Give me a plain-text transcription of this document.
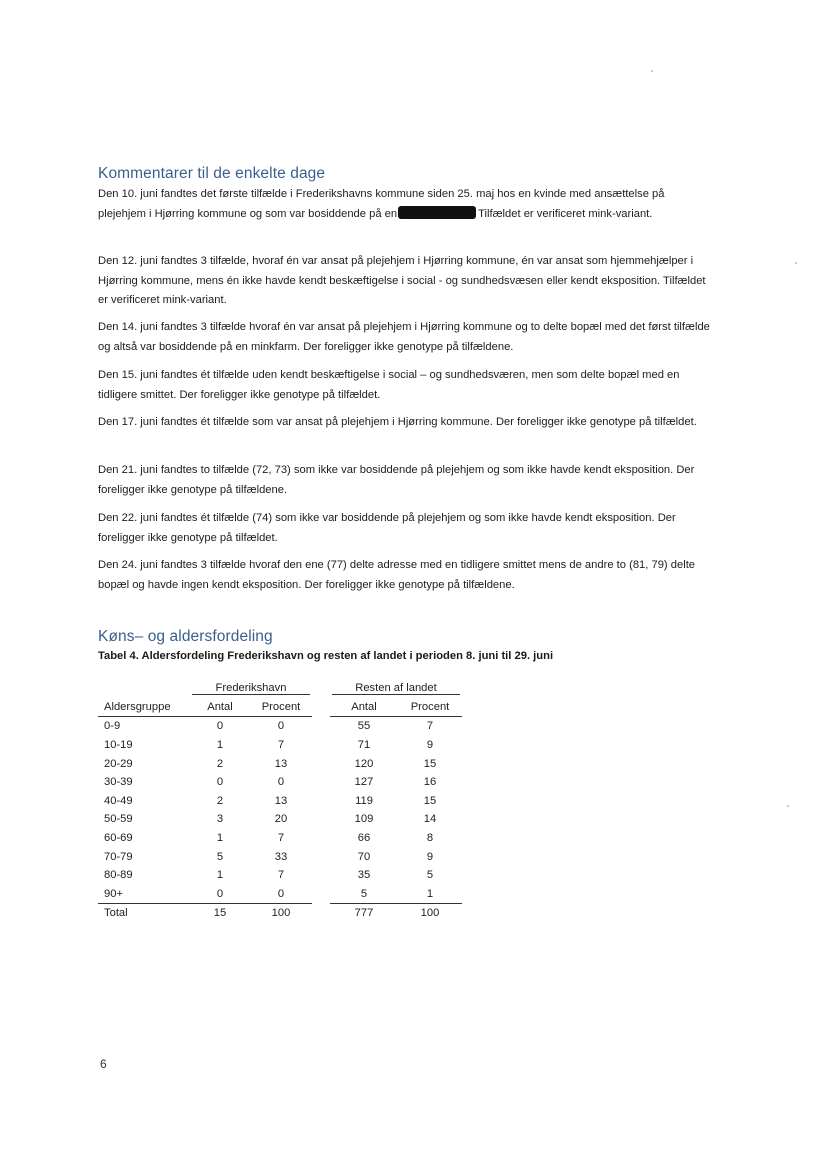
Kommentarer til de enkelte dage

Den 10. juni fandtes det første tilfælde i Frederikshavns kommune siden 25. maj hos en kvinde med ansættelse på plejehjem i Hjørring kommune og som var bosiddende på en	Tilfældet er verificeret mink-variant.

Den 12. juni fandtes 3 tilfælde, hvoraf én var ansat på plejehjem i Hjørring kommune, én var ansat som hjemmehjælper i Hjørring kommune, mens én ikke havde kendt beskæftigelse i social - og sundhedsvæsen eller kendt eksposition. Tilfældet er verificeret mink-variant.

Den 14. juni fandtes 3 tilfælde hvoraf én var ansat på plejehjem i Hjørring kommune og to delte bopæl med det først tilfælde og altså var bosiddende på en minkfarm. Der foreligger ikke genotype på tilfældene.

Den 15. juni fandtes ét tilfælde uden kendt beskæftigelse i social – og sundhedsværen, men som delte bopæl med en tidligere smittet. Der foreligger ikke genotype på tilfældet.

Den 17. juni fandtes ét tilfælde som var ansat på plejehjem i Hjørring kommune. Der foreligger ikke genotype på tilfældet.

Den 21. juni fandtes to tilfælde (72, 73) som ikke var bosiddende på plejehjem og som ikke havde kendt eksposition. Der foreligger ikke genotype på tilfældene.

Den 22. juni fandtes ét tilfælde (74) som ikke var bosiddende på plejehjem og som ikke havde kendt eksposition. Der foreligger ikke genotype på tilfældet.

Den 24. juni fandtes 3 tilfælde hvoraf den ene (77) delte adresse med en tidligere smittet mens de andre to (81, 79) delte bopæl og havde ingen kendt eksposition. Der foreligger ikke genotype på tilfældene.

Køns– og aldersfordeling

Tabel 4. Aldersfordeling Frederikshavn og resten af landet i perioden 8. juni til 29. juni

	Frederikshavn			Resten af landet	

Aldersgruppe	Antal	Procent		Antal	Procent
0-9	0	0		55	7
10-19	1	7		71	9
20-29	2	13		120	15
30-39	0	0		127	16
40-49	2	13		119	15
50-59	3	20		109	14
60-69	1	7		66	8
70-79	5	33		70	9
80-89	1	7		35	5
90+	0	0		5	1
Total	15	100		777	100
6
